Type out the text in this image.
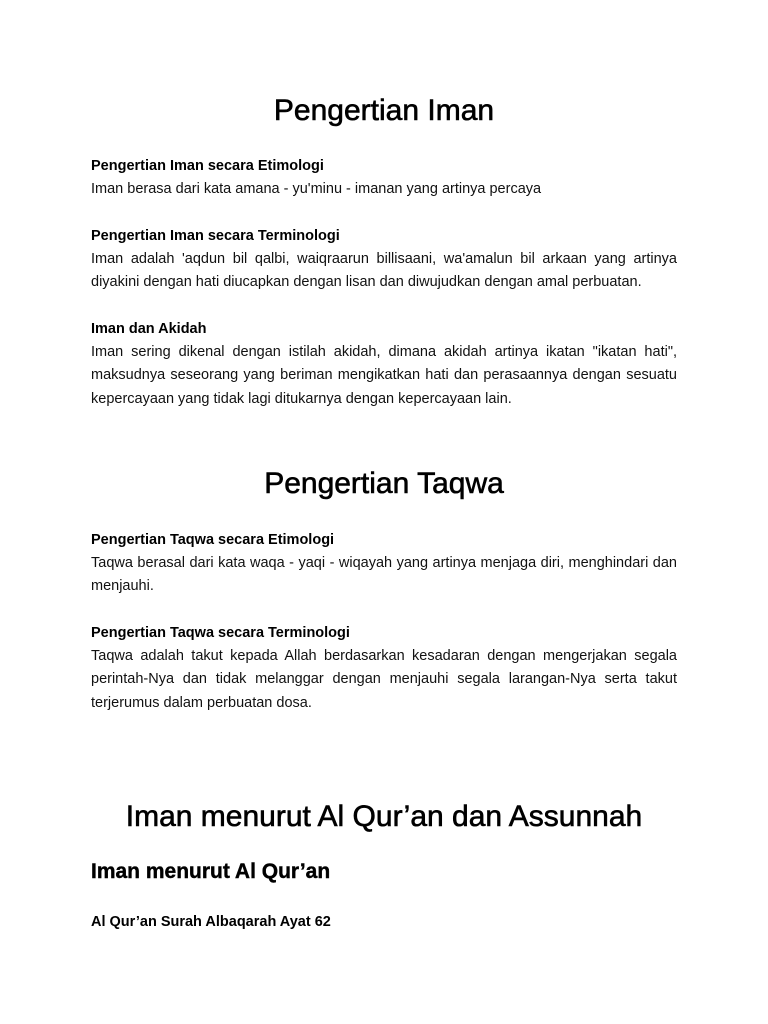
Pengertian Iman
Pengertian Iman secara Etimologi

Iman berasa dari kata amana - yu'minu - imanan yang artinya percaya

Pengertian Iman secara Terminologi

Iman adalah 'aqdun bil qalbi, waiqraarun billisaani, wa'amalun bil arkaan yang artinya diyakini dengan hati diucapkan dengan lisan dan diwujudkan dengan amal perbuatan.

Iman dan Akidah

Iman sering dikenal dengan istilah akidah, dimana akidah artinya ikatan "ikatan hati", maksudnya seseorang yang beriman mengikatkan hati dan perasaannya dengan sesuatu kepercayaan yang tidak lagi ditukarnya dengan kepercayaan lain.

Pengertian Taqwa
Pengertian Taqwa secara Etimologi

Taqwa berasal dari kata waqa - yaqi - wiqayah yang artinya menjaga diri, menghindari dan menjauhi.

Pengertian Taqwa secara Terminologi

Taqwa adalah takut kepada Allah berdasarkan kesadaran dengan mengerjakan segala perintah-Nya dan tidak melanggar dengan menjauhi segala larangan-Nya serta takut terjerumus dalam perbuatan dosa.

Iman menurut Al Qur’an dan Assunnah
Iman menurut Al Qur’an
Al Qur’an Surah Albaqarah Ayat 62
